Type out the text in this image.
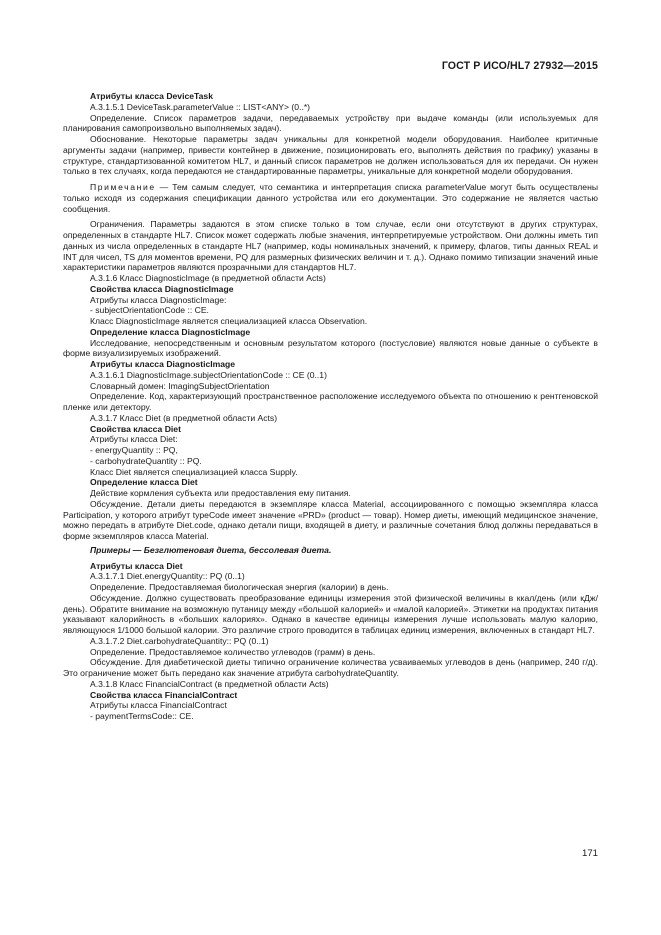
ГОСТ Р ИСО/HL7 27932—2015

Атрибуты класса DeviceTask

A.3.1.5.1 DeviceTask.parameterValue :: LIST<ANY> (0..*)

Определение. Список параметров задачи, передаваемых устройству при выдаче команды (или используемых для планирования самопроизвольно выполняемых задач).

Обоснование. Некоторые параметры задач уникальны для конкретной модели оборудования. Наиболее критичные аргументы задачи (например, привести контейнер в движение, позиционировать его, выполнять действия по графику) указаны в структуре, стандартизованной комитетом HL7, и данный список параметров не должен использоваться для их передачи. Он нужен только в тех случаях, когда передаются не стандартированные параметры, уникальные для конкретной модели оборудования.

Примечание — Тем самым следует, что семантика и интерпретация списка parameterValue могут быть осуществлены только исходя из содержания спецификации данного устройства или его документации. Это содержание не является частью сообщения.

Ограничения. Параметры задаются в этом списке только в том случае, если они отсутствуют в других структурах, определенных в стандарте HL7. Список может содержать любые значения, интерпретируемые устройством. Они должны иметь тип данных из числа определенных в стандарте HL7 (например, коды номинальных значений, к примеру, флагов, типы данных REAL и INT для чисел, TS для моментов времени, PQ для размерных физических величин и т. д.). Однако помимо типизации значений иные характеристики параметров являются прозрачными для стандартов HL7.

A.3.1.6 Класс DiagnosticImage (в предметной области Acts)

Свойства класса DiagnosticImage

Атрибуты класса DiagnosticImage:

- subjectOrientationCode :: CE.

Класс DiagnosticImage является специализацией класса Observation.

Определение класса DiagnosticImage

Исследование, непосредственным и основным результатом которого (постусловие) являются новые данные о субъекте в форме визуализируемых изображений.

Атрибуты класса DiagnosticImage

A.3.1.6.1 DiagnosticImage.subjectOrientationCode :: CE (0..1)

Словарный домен: ImagingSubjectOrientation

Определение. Код, характеризующий пространственное расположение исследуемого объекта по отношению к рентгеновской пленке или детектору.

A.3.1.7 Класс Diet (в предметной области Acts)

Свойства класса Diet

Атрибуты класса Diet:

- energyQuantity :: PQ,

- carbohydrateQuantity :: PQ.

Класс Diet является специализацией класса Supply.

Определение класса Diet

Действие кормления субъекта или предоставления ему питания.

Обсуждение. Детали диеты передаются в экземпляре класса Material, ассоциированного с помощью экземпляра класса Participation, у которого атрибут typeCode имеет значение «PRD» (product — товар). Номер диеты, имеющий медицинское значение, можно передать в атрибуте Diet.code, однако детали пищи, входящей в диету, и различные сочетания блюд должны передаваться в форме экземпляров класса Material.

Примеры — Безглютеновая диета, бессолевая диета.

Атрибуты класса Diet

A.3.1.7.1 Diet.energyQuantity:: PQ (0..1)

Определение. Предоставляемая биологическая энергия (калории) в день.

Обсуждение. Должно существовать преобразование единицы измерения этой физической величины в ккал/день (или кДж/день). Обратите внимание на возможную путаницу между «большой калорией» и «малой калорией». Этикетки на продуктах питания указывают калорийность в «больших калориях». Однако в качестве единицы измерения лучше использовать малую калорию, являющуюся 1/1000 большой калории. Это различие строго проводится в таблицах единиц измерения, включенных в стандарт HL7.

A.3.1.7.2 Diet.carbohydrateQuantity:: PQ (0..1)

Определение. Предоставляемое количество углеводов (грамм) в день.

Обсуждение. Для диабетической диеты типично ограничение количества усваиваемых углеводов в день (например, 240 г/д). Это ограничение может быть передано как значение атрибута carbohydrateQuantity.

A.3.1.8 Класс FinancialContract (в предметной области Acts)

Свойства класса FinancialContract

Атрибуты класса FinancialContract

- paymentTermsCode:: CE.

171
